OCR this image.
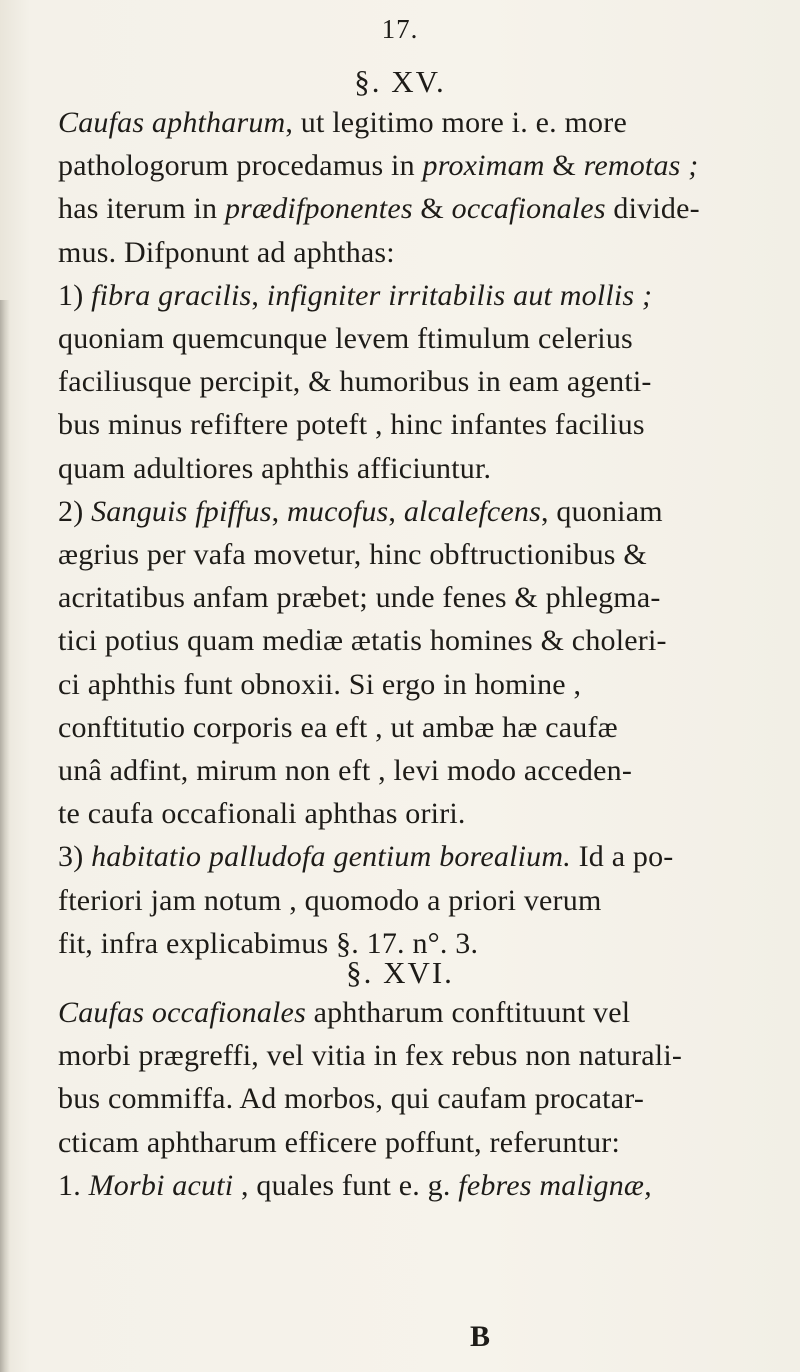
17.
§. XV.
Caufas aphtharum, ut legitimo more i. e. more
pathologorum procedamus in proximam & remotas ;
has iterum in prædifponentes & occafionales divide-
mus. Difponunt ad aphthas:
1) fibra gracilis, infigniter irritabilis aut mollis ;
quoniam quemcunque levem ftimulum celerius
faciliusque percipit, & humoribus in eam agenti-
bus minus refiftere poteft , hinc infantes facilius
quam adultiores aphthis afficiuntur.
2) Sanguis fpiffus, mucofus, alcalefcens, quoniam
ægrius per vafa movetur, hinc obftructionibus &
acritatibus anfam præbet; unde fenes & phlegma-
tici potius quam mediæ ætatis homines & choleri-
ci aphthis funt obnoxii. Si ergo in homine ,
conftitutio corporis ea eft , ut ambæ hæ caufæ
unâ adfint, mirum non eft , levi modo acceden-
te caufa occafionali aphthas oriri.
3) habitatio palludofa gentium borealium. Id a po-
fteriori jam notum , quomodo a priori verum
fit, infra explicabimus §. 17. n°. 3.
§. XVI.
Caufas occafionales aphtharum conftituunt vel
morbi prægreffi, vel vitia in fex rebus non naturali-
bus commiffa. Ad morbos, qui caufam procatar-
cticam aphtharum efficere poffunt, referuntur:
1. Morbi acuti , quales funt e. g. febres malignæ,
B
